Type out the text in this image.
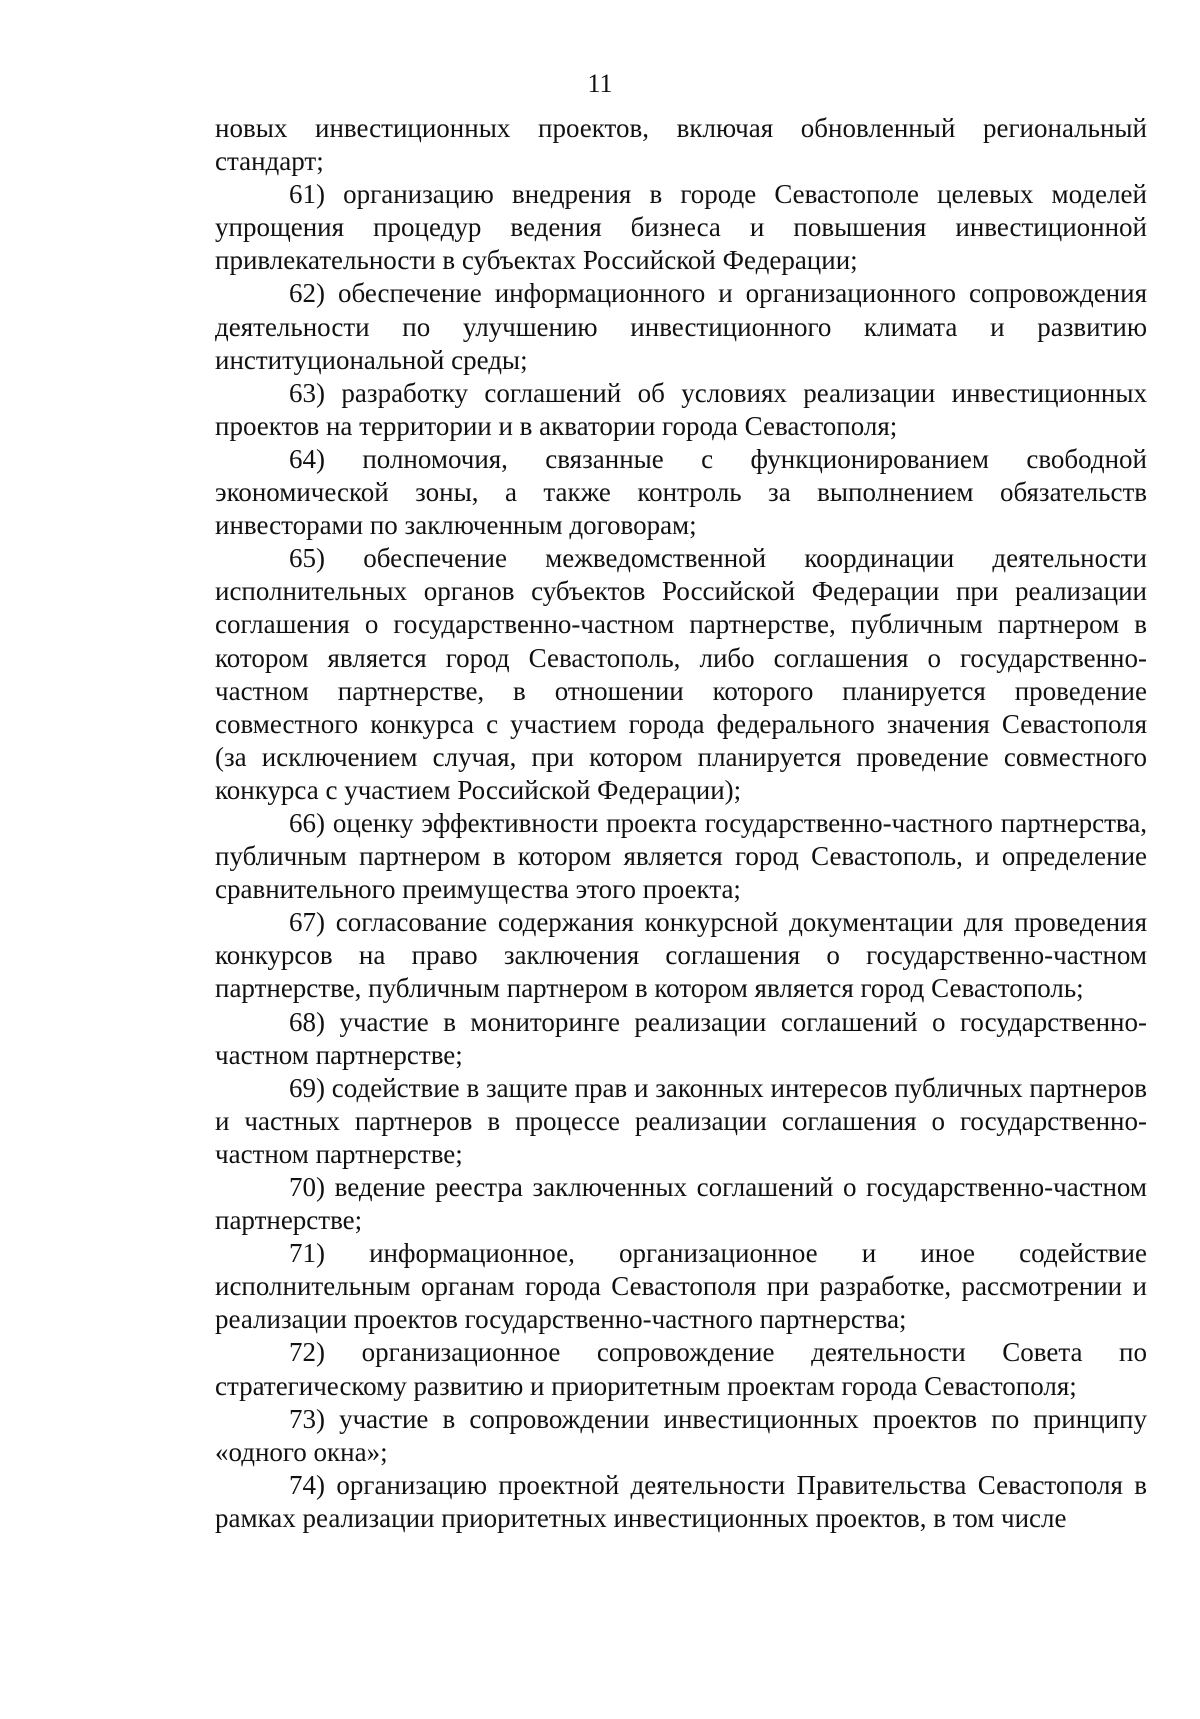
11

новых инвестиционных проектов, включая обновленный региональный стандарт;

61) организацию внедрения в городе Севастополе целевых моделей упрощения процедур ведения бизнеса и повышения инвестиционной привлекательности в субъектах Российской Федерации;

62) обеспечение информационного и организационного сопровождения деятельности по улучшению инвестиционного климата и развитию институциональной среды;

63) разработку соглашений об условиях реализации инвестиционных проектов на территории и в акватории города Севастополя;

64) полномочия, связанные с функционированием свободной экономической зоны, а также контроль за выполнением обязательств инвесторами по заключенным договорам;

65) обеспечение межведомственной координации деятельности исполнительных органов субъектов Российской Федерации при реализации соглашения о государственно-частном партнерстве, публичным партнером в котором является город Севастополь, либо соглашения о государственно-частном партнерстве, в отношении которого планируется проведение совместного конкурса с участием города федерального значения Севастополя (за исключением случая, при котором планируется проведение совместного конкурса с участием Российской Федерации);

66) оценку эффективности проекта государственно-частного партнерства, публичным партнером в котором является город Севастополь, и определение сравнительного преимущества этого проекта;

67) согласование содержания конкурсной документации для проведения конкурсов на право заключения соглашения о государственно-частном партнерстве, публичным партнером в котором является город Севастополь;

68) участие в мониторинге реализации соглашений о государственно-частном партнерстве;

69) содействие в защите прав и законных интересов публичных партнеров и частных партнеров в процессе реализации соглашения о государственно-частном партнерстве;

70) ведение реестра заключенных соглашений о государственно-частном партнерстве;

71) информационное, организационное и иное содействие исполнительным органам города Севастополя при разработке, рассмотрении и реализации проектов государственно-частного партнерства;

72) организационное сопровождение деятельности Совета по стратегическому развитию и приоритетным проектам города Севастополя;

73) участие в сопровождении инвестиционных проектов по принципу «одного окна»;

74) организацию проектной деятельности Правительства Севастополя в рамках реализации приоритетных инвестиционных проектов, в том числе
